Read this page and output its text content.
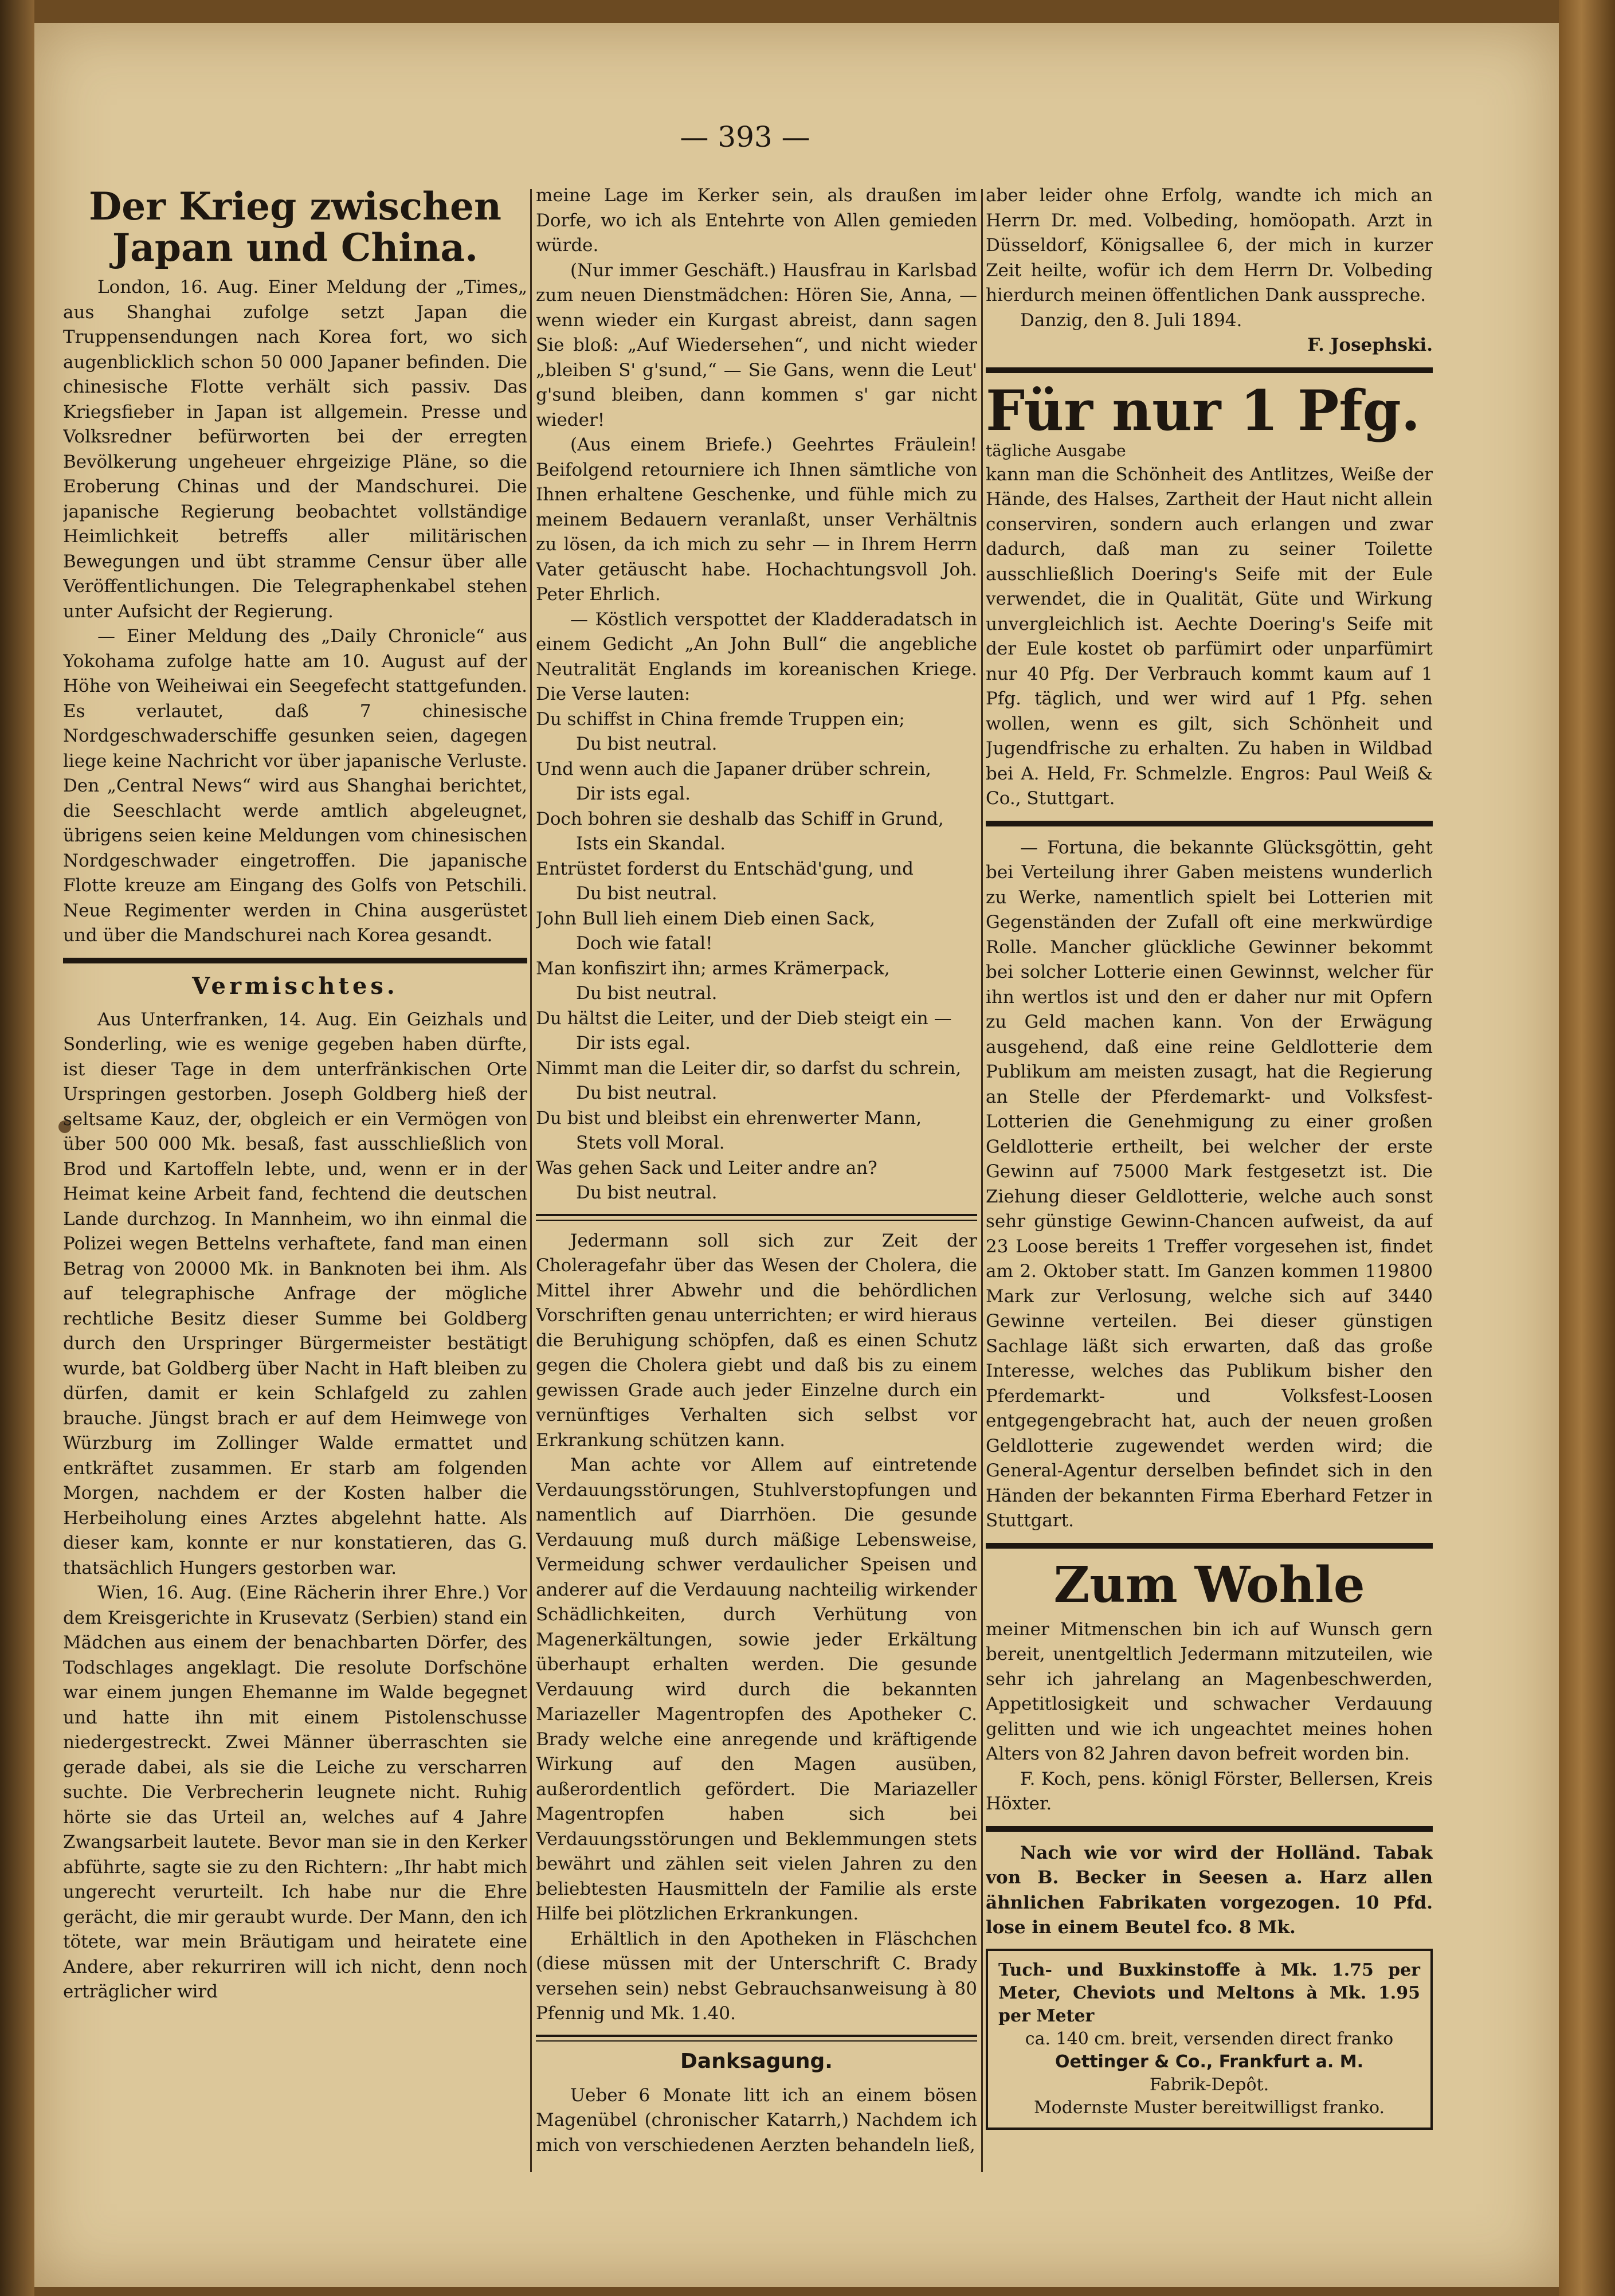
— 393 —
Der Krieg zwischen Japan und China.

London, 16. Aug. Einer Meldung der „Times„ aus Shanghai zufolge setzt Japan die Truppensendungen nach Korea fort, wo sich augenblicklich schon 50 000 Japaner befinden. Die chinesische Flotte verhält sich passiv. Das Kriegsfieber in Japan ist allgemein. Presse und Volksredner befürworten bei der erregten Bevölkerung ungeheuer ehrgeizige Pläne, so die Eroberung Chinas und der Mandschurei. Die japanische Regierung beobachtet vollständige Heimlichkeit betreffs aller militärischen Bewegungen und übt stramme Censur über alle Veröffentlichungen. Die Telegraphenkabel stehen unter Aufsicht der Regierung.

— Einer Meldung des „Daily Chronicle“ aus Yokohama zufolge hatte am 10. August auf der Höhe von Weiheiwai ein Seegefecht stattgefunden. Es verlautet, daß 7 chinesische Nordgeschwaderschiffe gesunken seien, dagegen liege keine Nachricht vor über japanische Verluste. Den „Central News“ wird aus Shanghai berichtet, die Seeschlacht werde amtlich abgeleugnet, übrigens seien keine Meldungen vom chinesischen Nordgeschwader eingetroffen. Die japanische Flotte kreuze am Eingang des Golfs von Petschili. Neue Regimenter werden in China ausgerüstet und über die Mandschurei nach Korea gesandt.

Vermischtes.

Aus Unterfranken, 14. Aug. Ein Geizhals und Sonderling, wie es wenige gegeben haben dürfte, ist dieser Tage in dem unterfränkischen Orte Urspringen gestorben. Joseph Goldberg hieß der seltsame Kauz, der, obgleich er ein Vermögen von über 500 000 Mk. besaß, fast ausschließlich von Brod und Kartoffeln lebte, und, wenn er in der Heimat keine Arbeit fand, fechtend die deutschen Lande durchzog. In Mannheim, wo ihn einmal die Polizei wegen Bettelns verhaftete, fand man einen Betrag von 20000 Mk. in Banknoten bei ihm. Als auf telegraphische Anfrage der mögliche rechtliche Besitz dieser Summe bei Goldberg durch den Urspringer Bürgermeister bestätigt wurde, bat Goldberg über Nacht in Haft bleiben zu dürfen, damit er kein Schlafgeld zu zahlen brauche. Jüngst brach er auf dem Heimwege von Würzburg im Zollinger Walde ermattet und entkräftet zusammen. Er starb am folgenden Morgen, nachdem er der Kosten halber die Herbeiholung eines Arztes abgelehnt hatte. Als dieser kam, konnte er nur konstatieren, das G. thatsächlich Hungers gestorben war.

Wien, 16. Aug. (Eine Rächerin ihrer Ehre.) Vor dem Kreisgerichte in Krusevatz (Serbien) stand ein Mädchen aus einem der benachbarten Dörfer, des Todschlages angeklagt. Die resolute Dorfschöne war einem jungen Ehemanne im Walde begegnet und hatte ihn mit einem Pistolenschusse niedergestreckt. Zwei Männer überraschten sie gerade dabei, als sie die Leiche zu verscharren suchte. Die Verbrecherin leugnete nicht. Ruhig hörte sie das Urteil an, welches auf 4 Jahre Zwangsarbeit lautete. Bevor man sie in den Kerker abführte, sagte sie zu den Richtern: „Ihr habt mich ungerecht verurteilt. Ich habe nur die Ehre gerächt, die mir geraubt wurde. Der Mann, den ich tötete, war mein Bräutigam und heiratete eine Andere, aber rekurriren will ich nicht, denn noch erträglicher wird

meine Lage im Kerker sein, als draußen im Dorfe, wo ich als Entehrte von Allen gemieden würde.

(Nur immer Geschäft.) Hausfrau in Karlsbad zum neuen Dienstmädchen: Hören Sie, Anna, — wenn wieder ein Kurgast abreist, dann sagen Sie bloß: „Auf Wiedersehen“, und nicht wieder „bleiben S' g'sund,“ — Sie Gans, wenn die Leut' g'sund bleiben, dann kommen s' gar nicht wieder!

(Aus einem Briefe.) Geehrtes Fräulein! Beifolgend retourniere ich Ihnen sämtliche von Ihnen erhaltene Geschenke, und fühle mich zu meinem Bedauern veranlaßt, unser Verhältnis zu lösen, da ich mich zu sehr — in Ihrem Herrn Vater getäuscht habe. Hochachtungsvoll Joh. Peter Ehrlich.

— Köstlich verspottet der Kladderadatsch in einem Gedicht „An John Bull“ die angebliche Neutralität Englands im koreanischen Kriege. Die Verse lauten:

Du schiffst in China fremde Truppen ein;
Du bist neutral.
Und wenn auch die Japaner drüber schrein,
Dir ists egal.
Doch bohren sie deshalb das Schiff in Grund,
Ists ein Skandal.
Entrüstet forderst du Entschäd'gung, und
Du bist neutral.
John Bull lieh einem Dieb einen Sack,
Doch wie fatal!
Man konfiszirt ihn; armes Krämerpack,
Du bist neutral.
Du hältst die Leiter, und der Dieb steigt ein —
Dir ists egal.
Nimmt man die Leiter dir, so darfst du schrein,
Du bist neutral.
Du bist und bleibst ein ehrenwerter Mann,
Stets voll Moral.
Was gehen Sack und Leiter andre an?
Du bist neutral.

Jedermann soll sich zur Zeit der Choleragefahr über das Wesen der Cholera, die Mittel ihrer Abwehr und die behördlichen Vorschriften genau unterrichten; er wird hieraus die Beruhigung schöpfen, daß es einen Schutz gegen die Cholera giebt und daß bis zu einem gewissen Grade auch jeder Einzelne durch ein vernünftiges Verhalten sich selbst vor Erkrankung schützen kann.

Man achte vor Allem auf eintretende Verdauungsstörungen, Stuhlverstopfungen und namentlich auf Diarrhöen. Die gesunde Verdauung muß durch mäßige Lebensweise, Vermeidung schwer verdaulicher Speisen und anderer auf die Verdauung nachteilig wirkender Schädlichkeiten, durch Verhütung von Magenerkältungen, sowie jeder Erkältung überhaupt erhalten werden. Die gesunde Verdauung wird durch die bekannten Mariazeller Magentropfen des Apotheker C. Brady welche eine anregende und kräftigende Wirkung auf den Magen ausüben, außerordentlich gefördert. Die Mariazeller Magentropfen haben sich bei Verdauungsstörungen und Beklemmungen stets bewährt und zählen seit vielen Jahren zu den beliebtesten Hausmitteln der Familie als erste Hilfe bei plötzlichen Erkrankungen.

Erhältlich in den Apotheken in Fläschchen (diese müssen mit der Unterschrift C. Brady versehen sein) nebst Gebrauchsanweisung à 80 Pfennig und Mk. 1.40.

Danksagung.

Ueber 6 Monate litt ich an einem bösen Magenübel (chronischer Katarrh,) Nachdem ich mich von verschiedenen Aerzten behandeln ließ,

aber leider ohne Erfolg, wandte ich mich an Herrn Dr. med. Volbeding, homöopath. Arzt in Düsseldorf, Königsallee 6, der mich in kurzer Zeit heilte, wofür ich dem Herrn Dr. Volbeding hierdurch meinen öffentlichen Dank ausspreche.

Danzig, den 8. Juli 1894.

F. Josephski.

Für nur 1 Pfg.
tägliche Ausgabe

kann man die Schönheit des Antlitzes, Weiße der Hände, des Halses, Zartheit der Haut nicht allein conserviren, sondern auch erlangen und zwar dadurch, daß man zu seiner Toilette ausschließlich Doering's Seife mit der Eule verwendet, die in Qualität, Güte und Wirkung unvergleichlich ist. Aechte Doering's Seife mit der Eule kostet ob parfümirt oder unparfümirt nur 40 Pfg. Der Verbrauch kommt kaum auf 1 Pfg. täglich, und wer wird auf 1 Pfg. sehen wollen, wenn es gilt, sich Schönheit und Jugendfrische zu erhalten. Zu haben in Wildbad bei A. Held, Fr. Schmelzle. Engros: Paul Weiß & Co., Stuttgart.

— Fortuna, die bekannte Glücksgöttin, geht bei Verteilung ihrer Gaben meistens wunderlich zu Werke, namentlich spielt bei Lotterien mit Gegenständen der Zufall oft eine merkwürdige Rolle. Mancher glückliche Gewinner bekommt bei solcher Lotterie einen Gewinnst, welcher für ihn wertlos ist und den er daher nur mit Opfern zu Geld machen kann. Von der Erwägung ausgehend, daß eine reine Geldlotterie dem Publikum am meisten zusagt, hat die Regierung an Stelle der Pferdemarkt- und Volksfest-Lotterien die Genehmigung zu einer großen Geldlotterie ertheilt, bei welcher der erste Gewinn auf 75000 Mark festgesetzt ist. Die Ziehung dieser Geldlotterie, welche auch sonst sehr günstige Gewinn-Chancen aufweist, da auf 23 Loose bereits 1 Treffer vorgesehen ist, findet am 2. Oktober statt. Im Ganzen kommen 119800 Mark zur Verlosung, welche sich auf 3440 Gewinne verteilen. Bei dieser günstigen Sachlage läßt sich erwarten, daß das große Interesse, welches das Publikum bisher den Pferdemarkt- und Volksfest-Loosen entgegengebracht hat, auch der neuen großen Geldlotterie zugewendet werden wird; die General-Agentur derselben befindet sich in den Händen der bekannten Firma Eberhard Fetzer in Stuttgart.

Zum Wohle

meiner Mitmenschen bin ich auf Wunsch gern bereit, unentgeltlich Jedermann mitzuteilen, wie sehr ich jahrelang an Magenbeschwerden, Appetitlosigkeit und schwacher Verdauung gelitten und wie ich ungeachtet meines hohen Alters von 82 Jahren davon befreit worden bin.

F. Koch, pens. königl Förster, Bellersen, Kreis Höxter.

Nach wie vor wird der Holländ. Tabak von B. Becker in Seesen a. Harz allen ähnlichen Fabrikaten vorgezogen. 10 Pfd. lose in einem Beutel fco. 8 Mk.

Tuch- und Buxkinstoffe à Mk. 1.75 per Meter, Cheviots und Meltons à Mk. 1.95 per Meter

ca. 140 cm. breit, versenden direct franko

Oettinger & Co., Frankfurt a. M.

Fabrik-Depôt.

Modernste Muster bereitwilligst franko.
